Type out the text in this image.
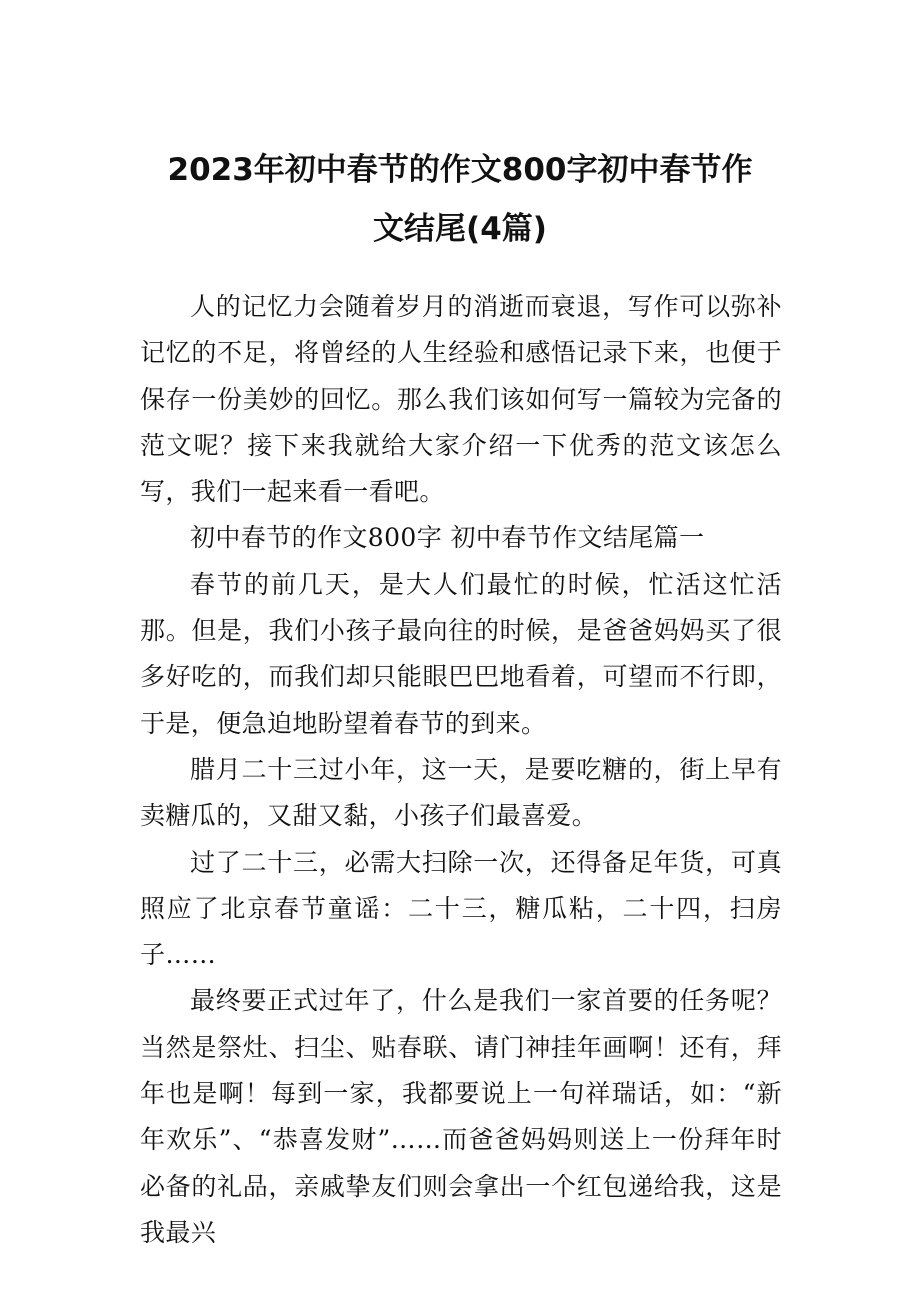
2023年初中春节的作文800字初中春节作
文结尾(4篇)

人的记忆力会随着岁月的消逝而衰退，写作可以弥补记忆的不足，将曾经的人生经验和感悟记录下来，也便于保存一份美妙的回忆。那么我们该如何写一篇较为完备的范文呢？接下来我就给大家介绍一下优秀的范文该怎么写，我们一起来看一看吧。

初中春节的作文800字 初中春节作文结尾篇一

春节的前几天，是大人们最忙的时候，忙活这忙活那。但是，我们小孩子最向往的时候，是爸爸妈妈买了很多好吃的，而我们却只能眼巴巴地看着，可望而不行即，于是，便急迫地盼望着春节的到来。

腊月二十三过小年，这一天，是要吃糖的，街上早有卖糖瓜的，又甜又黏，小孩子们最喜爱。

过了二十三，必需大扫除一次，还得备足年货，可真照应了北京春节童谣：二十三，糖瓜粘，二十四，扫房子……

最终要正式过年了，什么是我们一家首要的任务呢？当然是祭灶、扫尘、贴春联、请门神挂年画啊！还有，拜年也是啊！每到一家，我都要说上一句祥瑞话，如：“新年欢乐”、“恭喜发财”……而爸爸妈妈则送上一份拜年时必备的礼品，亲戚挚友们则会拿出一个红包递给我，这是我最兴
